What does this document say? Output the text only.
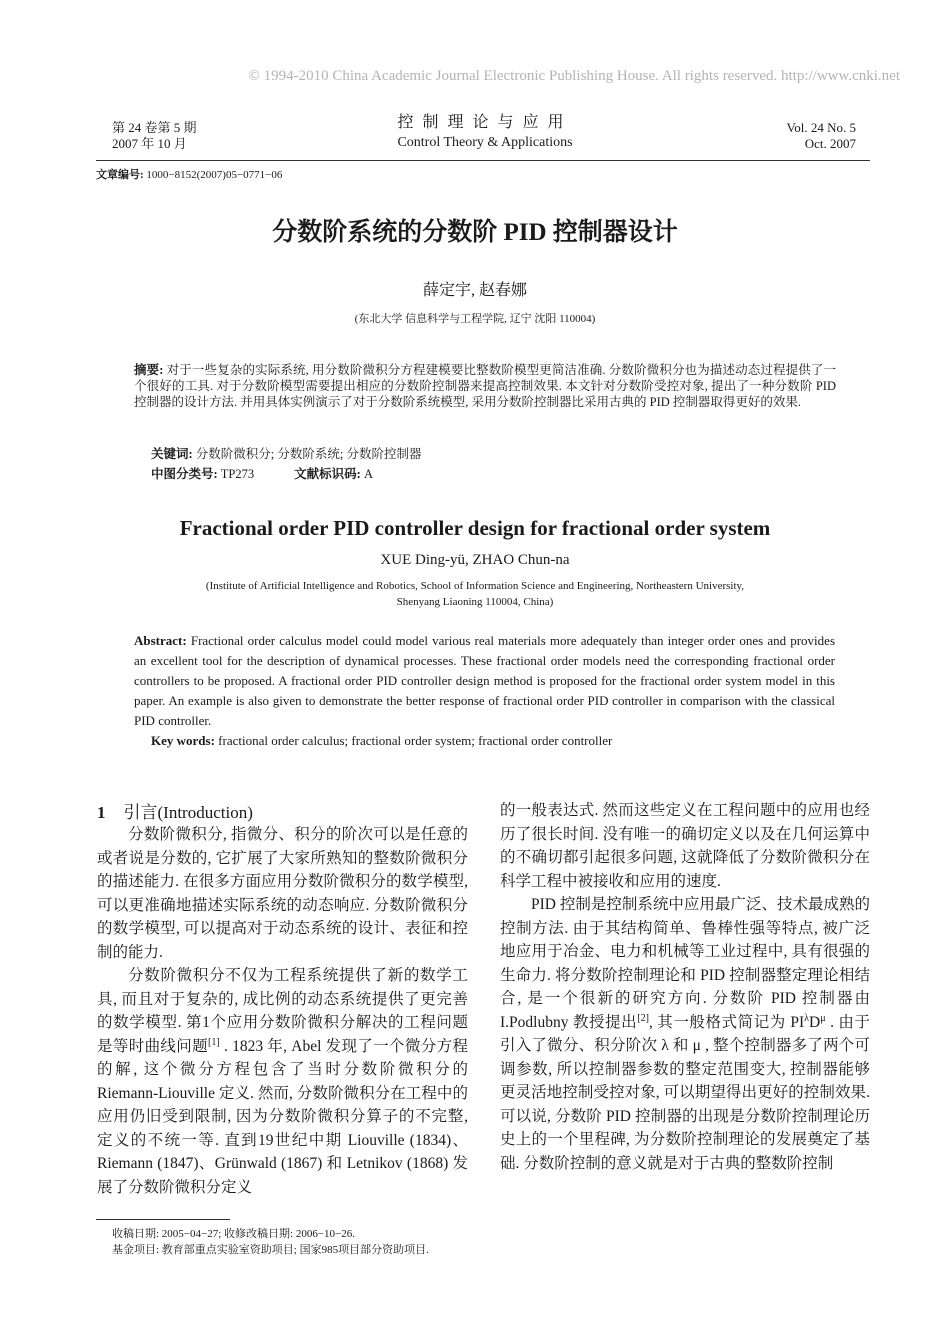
© 1994-2010 China Academic Journal Electronic Publishing House. All rights reserved. http://www.cnki.net
第 24 卷第 5 期
2007 年 10 月
控制理论与应用
Control Theory & Applications
Vol. 24 No. 5
Oct. 2007
文章编号: 1000−8152(2007)05−0771−06
分数阶系统的分数阶 PID 控制器设计
薛定宇, 赵春娜
(东北大学 信息科学与工程学院, 辽宁 沈阳 110004)
摘要: 对于一些复杂的实际系统, 用分数阶微积分方程建模要比整数阶模型更简洁准确. 分数阶微积分也为描述动态过程提供了一个很好的工具. 对于分数阶模型需要提出相应的分数阶控制器来提高控制效果. 本文针对分数阶受控对象, 提出了一种分数阶 PID 控制器的设计方法. 并用具体实例演示了对于分数阶系统模型, 采用分数阶控制器比采用古典的 PID 控制器取得更好的效果.
关键词: 分数阶微积分; 分数阶系统; 分数阶控制器
中图分类号: TP273	文献标识码: A
Fractional order PID controller design for fractional order system
XUE Ding-yü, ZHAO Chun-na
(Institute of Artificial Intelligence and Robotics, School of Information Science and Engineering, Northeastern University,
Shenyang Liaoning 110004, China)
Abstract: Fractional order calculus model could model various real materials more adequately than integer order ones and provides an excellent tool for the description of dynamical processes. These fractional order models need the corresponding fractional order controllers to be proposed. A fractional order PID controller design method is proposed for the fractional order system model in this paper. An example is also given to demonstrate the better response of fractional order PID controller in comparison with the classical PID controller.
Key words: fractional order calculus; fractional order system; fractional order controller
1 引言(Introduction)

分数阶微积分, 指微分、积分的阶次可以是任意的或者说是分数的, 它扩展了大家所熟知的整数阶微积分的描述能力. 在很多方面应用分数阶微积分的数学模型, 可以更准确地描述实际系统的动态响应. 分数阶微积分的数学模型, 可以提高对于动态系统的设计、表征和控制的能力.

分数阶微积分不仅为工程系统提供了新的数学工具, 而且对于复杂的, 成比例的动态系统提供了更完善的数学模型. 第1个应用分数阶微积分解决的工程问题是等时曲线问题[1] . 1823 年, Abel 发现了一个微分方程的解, 这个微分方程包含了当时分数阶微积分的 Riemann-Liouville 定义. 然而, 分数阶微积分在工程中的应用仍旧受到限制, 因为分数阶微积分算子的不完整, 定义的不统一等. 直到19世纪中期 Liouville (1834)、Riemann (1847)、Grünwald (1867) 和 Letnikov (1868) 发展了分数阶微积分定义

的一般表达式. 然而这些定义在工程问题中的应用也经历了很长时间. 没有唯一的确切定义以及在几何运算中的不确切都引起很多问题, 这就降低了分数阶微积分在科学工程中被接收和应用的速度.

PID 控制是控制系统中应用最广泛、技术最成熟的控制方法. 由于其结构简单、鲁棒性强等特点, 被广泛地应用于冶金、电力和机械等工业过程中, 具有很强的生命力. 将分数阶控制理论和 PID 控制器整定理论相结合, 是一个很新的研究方向. 分数阶 PID 控制器由 I.Podlubny 教授提出[2], 其一般格式简记为 $PI^\lambda D^\mu$ . 由于引入了微分、积分阶次 λ 和 μ , 整个控制器多了两个可调参数, 所以控制器参数的整定范围变大, 控制器能够更灵活地控制受控对象, 可以期望得出更好的控制效果. 可以说, 分数阶 PID 控制器的出现是分数阶控制理论历史上的一个里程碑, 为分数阶控制理论的发展奠定了基础. 分数阶控制的意义就是对于古典的整数阶控制

收稿日期: 2005−04−27; 收修改稿日期: 2006−10−26.
基金项目: 教育部重点实验室资助项目; 国家985项目部分资助项目.
